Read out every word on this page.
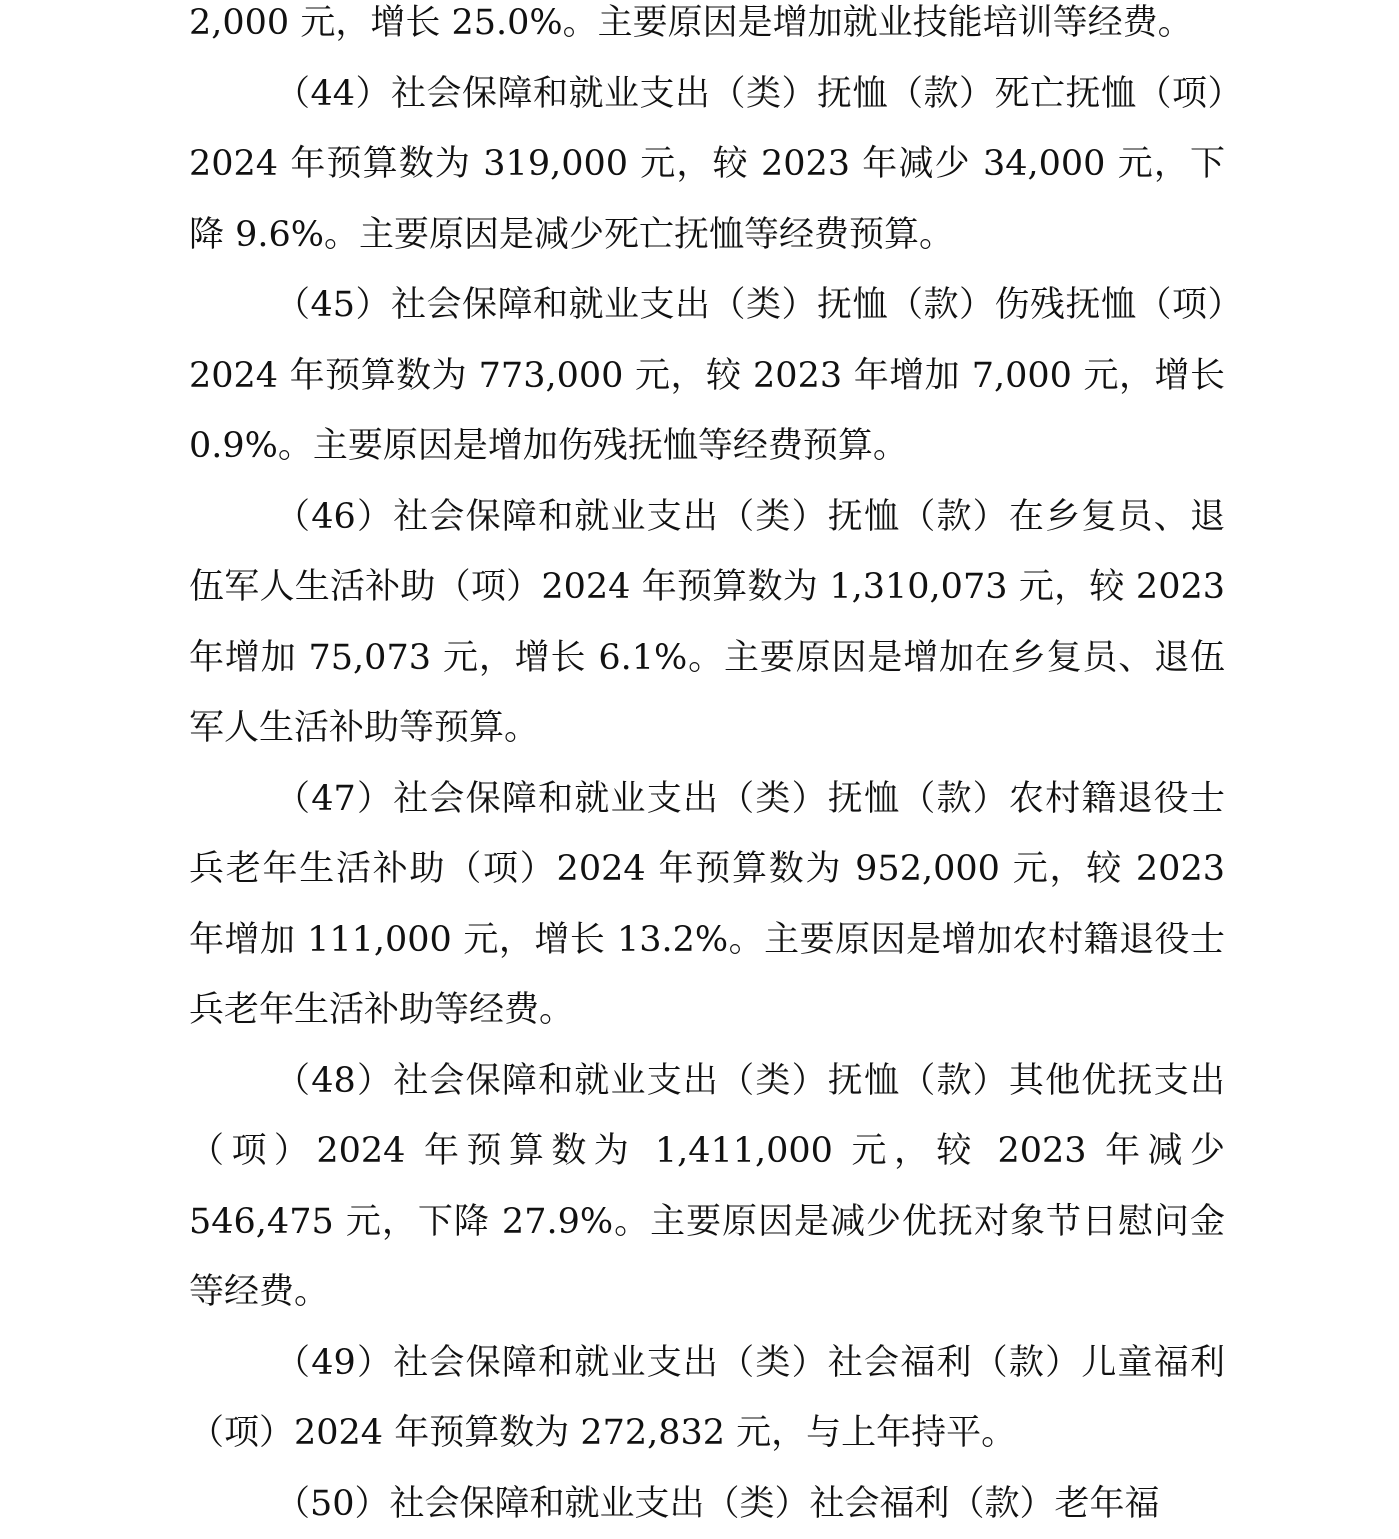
2,000 元，增长 25.0%。主要原因是增加就业技能培训等经费。

（44）社会保障和就业支出（类）抚恤（款）死亡抚恤（项）2024 年预算数为 319,000 元，较 2023 年减少 34,000 元，下降 9.6%。主要原因是减少死亡抚恤等经费预算。

（45）社会保障和就业支出（类）抚恤（款）伤残抚恤（项）2024 年预算数为 773,000 元，较 2023 年增加 7,000 元，增长 0.9%。主要原因是增加伤残抚恤等经费预算。

（46）社会保障和就业支出（类）抚恤（款）在乡复员、退伍军人生活补助（项）2024 年预算数为 1,310,073 元，较 2023 年增加 75,073 元，增长 6.1%。主要原因是增加在乡复员、退伍军人生活补助等预算。

（47）社会保障和就业支出（类）抚恤（款）农村籍退役士兵老年生活补助（项）2024 年预算数为 952,000 元，较 2023 年增加 111,000 元，增长 13.2%。主要原因是增加农村籍退役士兵老年生活补助等经费。

（48）社会保障和就业支出（类）抚恤（款）其他优抚支出（项）2024 年预算数为 1,411,000 元，较 2023 年减少 546,475 元，下降 27.9%。主要原因是减少优抚对象节日慰问金等经费。

（49）社会保障和就业支出（类）社会福利（款）儿童福利（项）2024 年预算数为 272,832 元，与上年持平。

（50）社会保障和就业支出（类）社会福利（款）老年福
